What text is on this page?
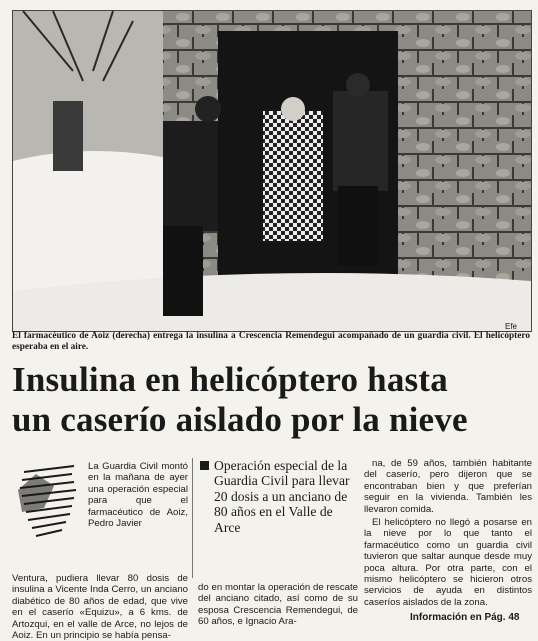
Efe
El farmacéutico de Aoiz (derecha) entrega la insulina a Crescencia Remendegui acompañado de un guardia civil. El helicóptero esperaba en el aire.
Insulina en helicóptero hasta
un caserío aislado por la nieve
La Guardia Civil montó en la mañana de ayer una operación especial para que el farmacéutico de Aoiz, Pedro Javier
Ventura, pudiera llevar 80 dosis de insulina a Vicente Inda Cerro, un anciano diabético de 80 años de edad, que vive en el caserío «Equizu», a 6 kms. de Artozqui, en el valle de Arce, no lejos de Aoiz. En un principio se había pensa-
Operación especial de la Guardia Civil para llevar 20 dosis a un anciano de 80 años en el Valle de Arce
do en montar la operación de rescate del anciano citado, así como de su esposa Crescencia Remendegui, de 60 años, e Ignacio Ara-

na, de 59 años, también habitante del caserío, pero dijeron que se encontraban bien y que preferían seguir en la vivienda. También les llevaron comida.

El helicóptero no llegó a posarse en la nieve por lo que tanto el farmacéutico como un guardia civil tuvieron que saltar aunque desde muy poca altura. Por otra parte, con el mismo helicóptero se hicieron otros servicios de ayuda en distintos caseríos aislados de la zona.

Información en Pág. 48
